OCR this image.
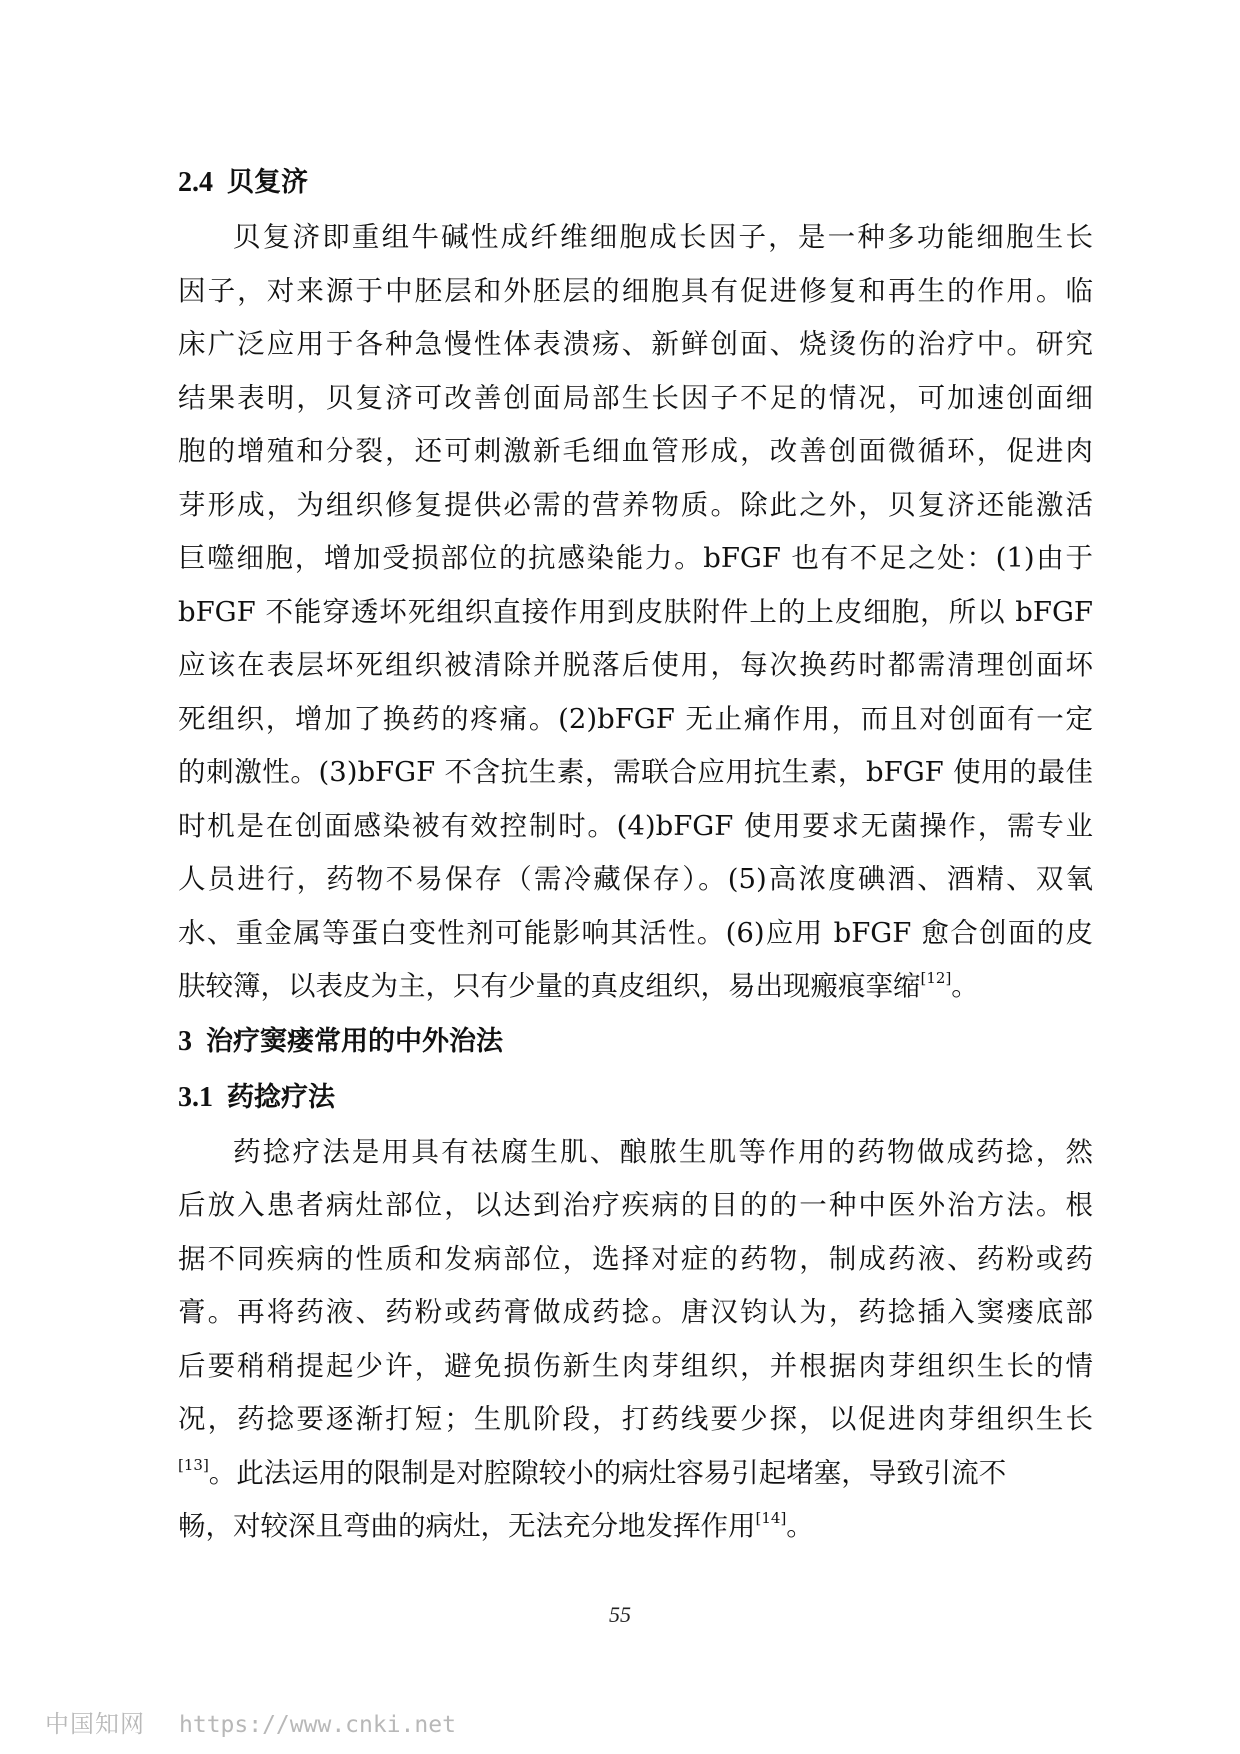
2.4 贝复济
贝复济即重组牛碱性成纤维细胞成长因子，是一种多功能细胞生长
因子，对来源于中胚层和外胚层的细胞具有促进修复和再生的作用。临
床广泛应用于各种急慢性体表溃疡、新鲜创面、烧烫伤的治疗中。研究
结果表明，贝复济可改善创面局部生长因子不足的情况，可加速创面细
胞的增殖和分裂，还可刺激新毛细血管形成，改善创面微循环，促进肉
芽形成，为组织修复提供必需的营养物质。除此之外，贝复济还能激活
巨噬细胞，增加受损部位的抗感染能力。bFGF 也有不足之处：(1)由于
bFGF 不能穿透坏死组织直接作用到皮肤附件上的上皮细胞，所以 bFGF
应该在表层坏死组织被清除并脱落后使用，每次换药时都需清理创面坏
死组织，增加了换药的疼痛。(2)bFGF 无止痛作用，而且对创面有一定
的刺激性。(3)bFGF 不含抗生素，需联合应用抗生素，bFGF 使用的最佳
时机是在创面感染被有效控制时。(4)bFGF 使用要求无菌操作，需专业
人员进行，药物不易保存（需冷藏保存）。(5)高浓度碘酒、酒精、双氧
水、重金属等蛋白变性剂可能影响其活性。(6)应用 bFGF 愈合创面的皮
肤较簿，以表皮为主，只有少量的真皮组织，易出现瘢痕挛缩[12]。
3 治疗窦瘘常用的中外治法
3.1 药捻疗法
药捻疗法是用具有祛腐生肌、酿脓生肌等作用的药物做成药捻，然
后放入患者病灶部位，以达到治疗疾病的目的的一种中医外治方法。根
据不同疾病的性质和发病部位，选择对症的药物，制成药液、药粉或药
膏。再将药液、药粉或药膏做成药捻。唐汉钧认为，药捻插入窦瘘底部
后要稍稍提起少许，避免损伤新生肉芽组织，并根据肉芽组织生长的情
况，药捻要逐渐打短；生肌阶段，打药线要少探，以促进肉芽组织生长
[13]。此法运用的限制是对腔隙较小的病灶容易引起堵塞，导致引流不
畅，对较深且弯曲的病灶，无法充分地发挥作用[14]。
55
中国知网 https://www.cnki.net
